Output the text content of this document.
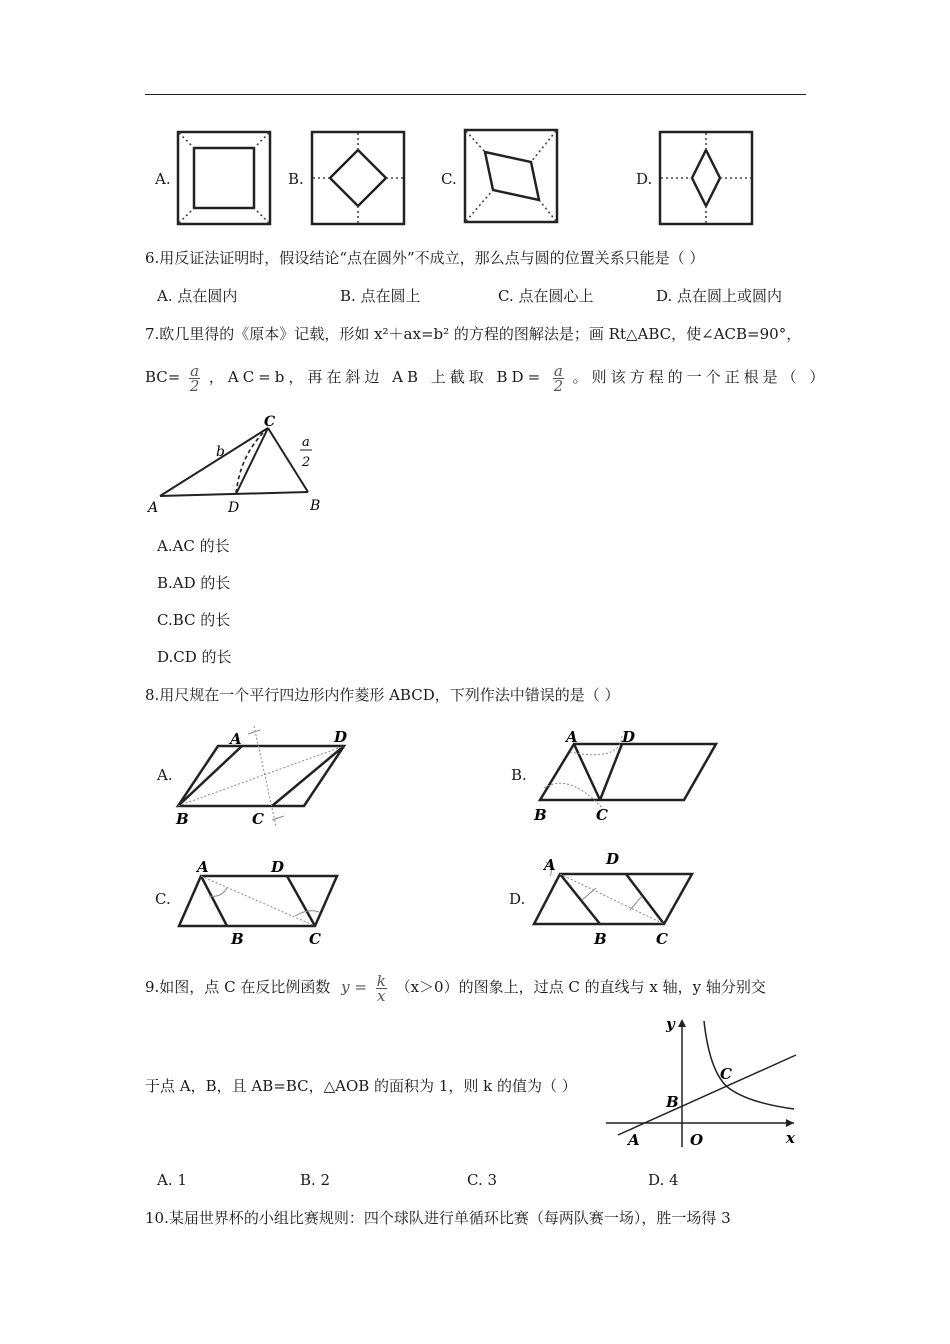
A.	B.	C.	D.
6.用反证法证明时，假设结论“点在圆外”不成立，那么点与圆的位置关系只能是（ ）
A. 点在圆内	B. 点在圆上	C. 点在圆心上	D. 点在圆上或圆内
7.欧几里得的《原本》记载，形如 x²＋ax=b² 的方程的图解法是；画 Rt△ABC，使∠ACB=90°，
$BC= \frac{a}{2}$ ，AC=b，再在斜边 AB 上截取 $BD= \frac{a}{2}$ 。则该方程的一个正根是（ ）
C
b
a
2
A	D	B
A.AC 的长
B.AD 的长
C.BC 的长
D.CD 的长
8.用尺规在一个平行四边形内作菱形 ABCD，下列作法中错误的是（ ）
A.
A	D
B	C
B.
A	D
B	C
C.
A	D
B	C
D.
A	D
B	C
9.如图，点 C 在反比例函数 $y = \frac{k}{x} (x>0)$的图象上，过点 C 的直线与 x 轴，y 轴分别交
于点 A，B，且 AB=BC，△AOB 的面积为 1，则 k 的值为（ ）
y
x
O
A
B
C
A. 1	B. 2	C. 3	D. 4
10.某届世界杯的小组比赛规则：四个球队进行单循环比赛（每两队赛一场），胜一场得 3
